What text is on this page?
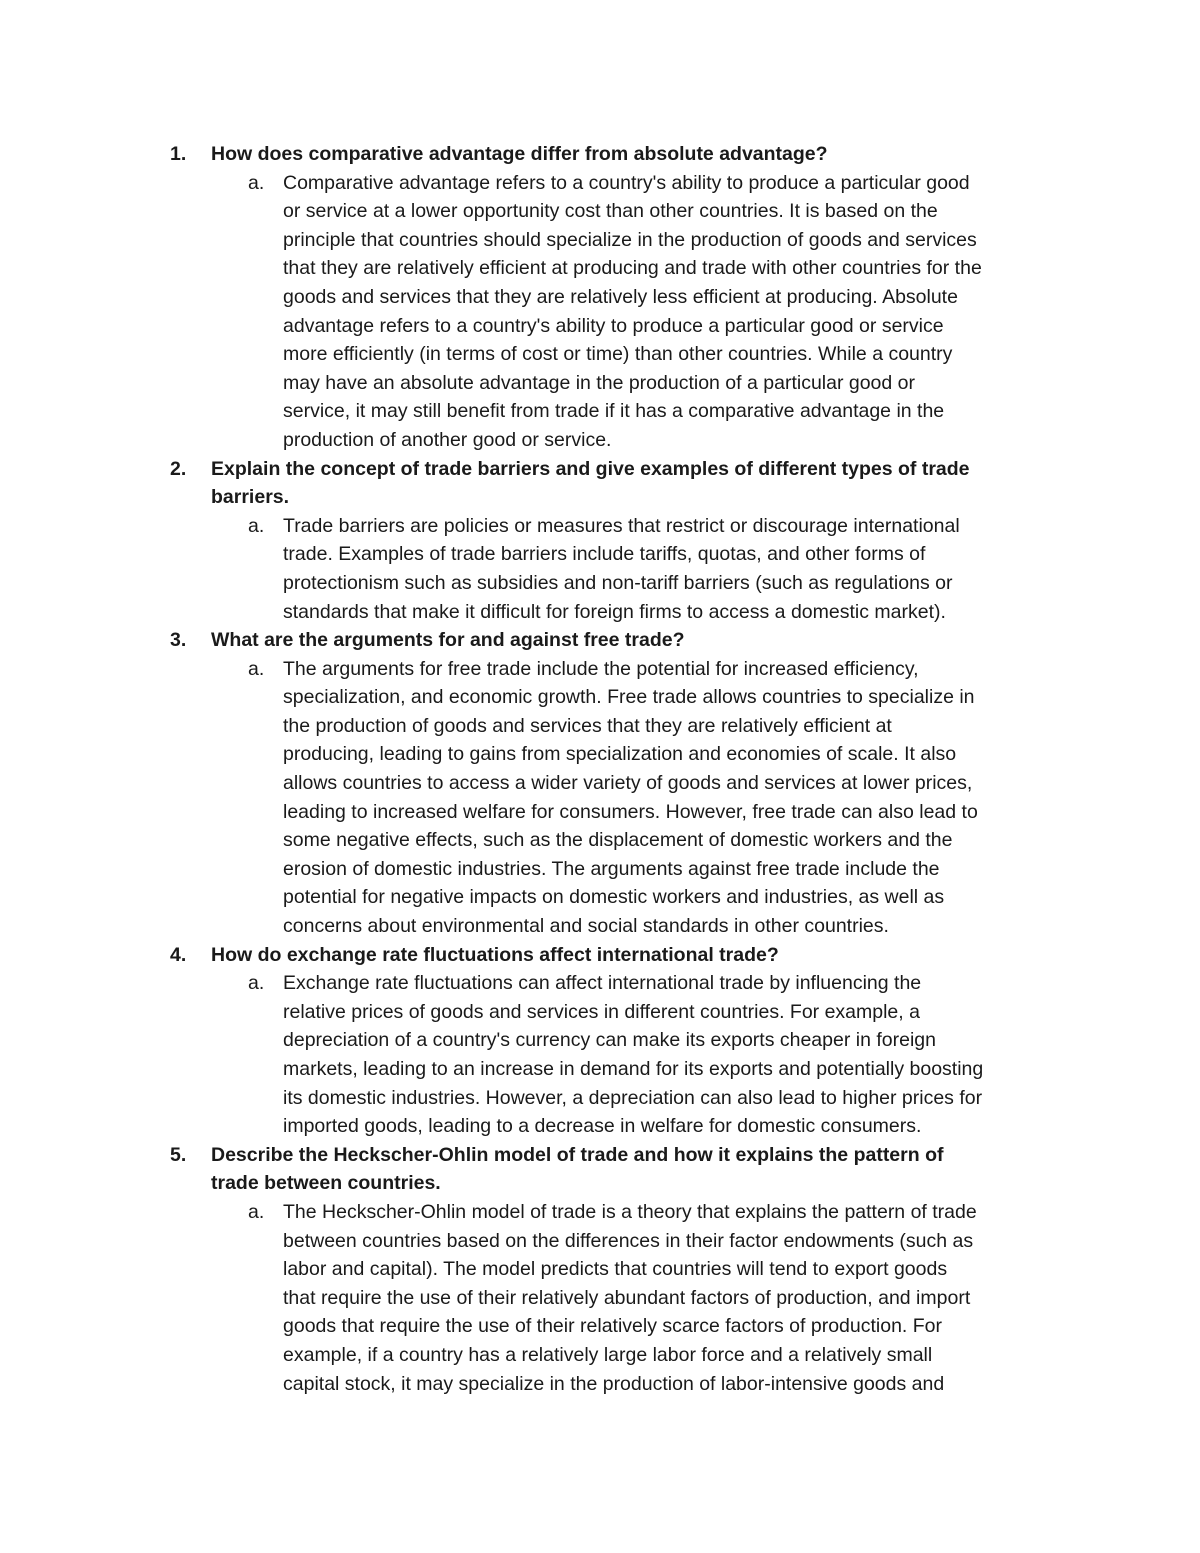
1. How does comparative advantage differ from absolute advantage?

a. Comparative advantage refers to a country's ability to produce a particular good
or service at a lower opportunity cost than other countries. It is based on the
principle that countries should specialize in the production of goods and services
that they are relatively efficient at producing and trade with other countries for the
goods and services that they are relatively less efficient at producing. Absolute
advantage refers to a country's ability to produce a particular good or service
more efficiently (in terms of cost or time) than other countries. While a country
may have an absolute advantage in the production of a particular good or
service, it may still benefit from trade if it has a comparative advantage in the
production of another good or service.

2. Explain the concept of trade barriers and give examples of different types of trade
barriers.

a. Trade barriers are policies or measures that restrict or discourage international
trade. Examples of trade barriers include tariffs, quotas, and other forms of
protectionism such as subsidies and non-tariff barriers (such as regulations or
standards that make it difficult for foreign firms to access a domestic market).

3. What are the arguments for and against free trade?

a. The arguments for free trade include the potential for increased efficiency,
specialization, and economic growth. Free trade allows countries to specialize in
the production of goods and services that they are relatively efficient at
producing, leading to gains from specialization and economies of scale. It also
allows countries to access a wider variety of goods and services at lower prices,
leading to increased welfare for consumers. However, free trade can also lead to
some negative effects, such as the displacement of domestic workers and the
erosion of domestic industries. The arguments against free trade include the
potential for negative impacts on domestic workers and industries, as well as
concerns about environmental and social standards in other countries.

4. How do exchange rate fluctuations affect international trade?

a. Exchange rate fluctuations can affect international trade by influencing the
relative prices of goods and services in different countries. For example, a
depreciation of a country's currency can make its exports cheaper in foreign
markets, leading to an increase in demand for its exports and potentially boosting
its domestic industries. However, a depreciation can also lead to higher prices for
imported goods, leading to a decrease in welfare for domestic consumers.

5. Describe the Heckscher-Ohlin model of trade and how it explains the pattern of
trade between countries.

a. The Heckscher-Ohlin model of trade is a theory that explains the pattern of trade
between countries based on the differences in their factor endowments (such as
labor and capital). The model predicts that countries will tend to export goods
that require the use of their relatively abundant factors of production, and import
goods that require the use of their relatively scarce factors of production. For
example, if a country has a relatively large labor force and a relatively small
capital stock, it may specialize in the production of labor-intensive goods and
